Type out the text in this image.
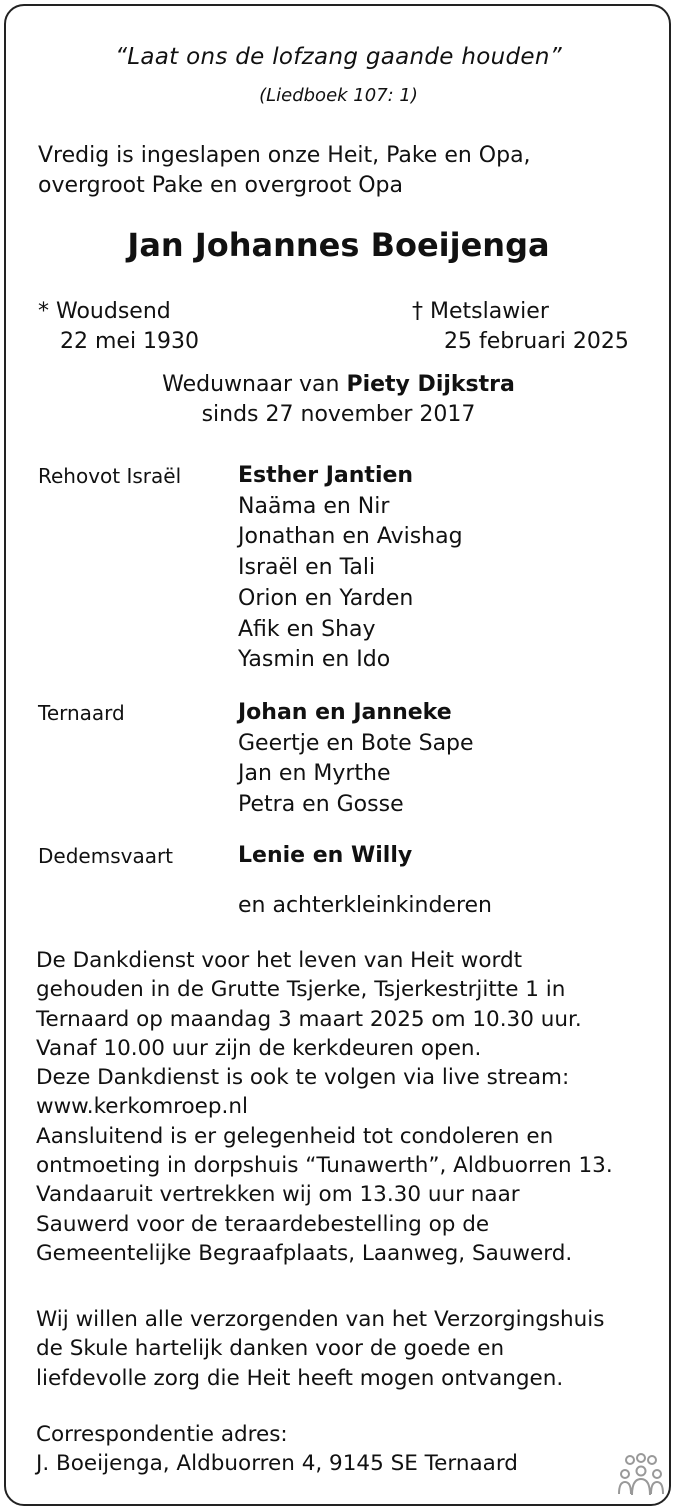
“Laat ons de lofzang gaande houden”
(Liedboek 107: 1)
Vredig is ingeslapen onze Heit, Pake en Opa,
overgroot Pake en overgroot Opa
Jan Johannes Boeijenga
* Woudsend
22 mei 1930
† Metslawier
25 februari 2025
Weduwnaar van Piety Dijkstra
sinds 27 november 2017
Rehovot Israël	Esther Jantien
Naäma en Nir
Jonathan en Avishag
Israël en Tali
Orion en Yarden
Afik en Shay
Yasmin en Ido
Ternaard	Johan en Janneke
Geertje en Bote Sape
Jan en Myrthe
Petra en Gosse
Dedemsvaart	Lenie en Willy
en achterkleinkinderen
De Dankdienst voor het leven van Heit wordt
gehouden in de Grutte Tsjerke, Tsjerkestrjitte 1 in
Ternaard op maandag 3 maart 2025 om 10.30 uur.
Vanaf 10.00 uur zijn de kerkdeuren open.
Deze Dankdienst is ook te volgen via live stream:
www.kerkomroep.nl
Aansluitend is er gelegenheid tot condoleren en
ontmoeting in dorpshuis “Tunawerth”, Aldbuorren 13.
Vandaaruit vertrekken wij om 13.30 uur naar
Sauwerd voor de teraardebestelling op de
Gemeentelijke Begraafplaats, Laanweg, Sauwerd.
Wij willen alle verzorgenden van het Verzorgingshuis
de Skule hartelijk danken voor de goede en
liefdevolle zorg die Heit heeft mogen ontvangen.
Correspondentie adres:
J. Boeijenga, Aldbuorren 4, 9145 SE Ternaard
